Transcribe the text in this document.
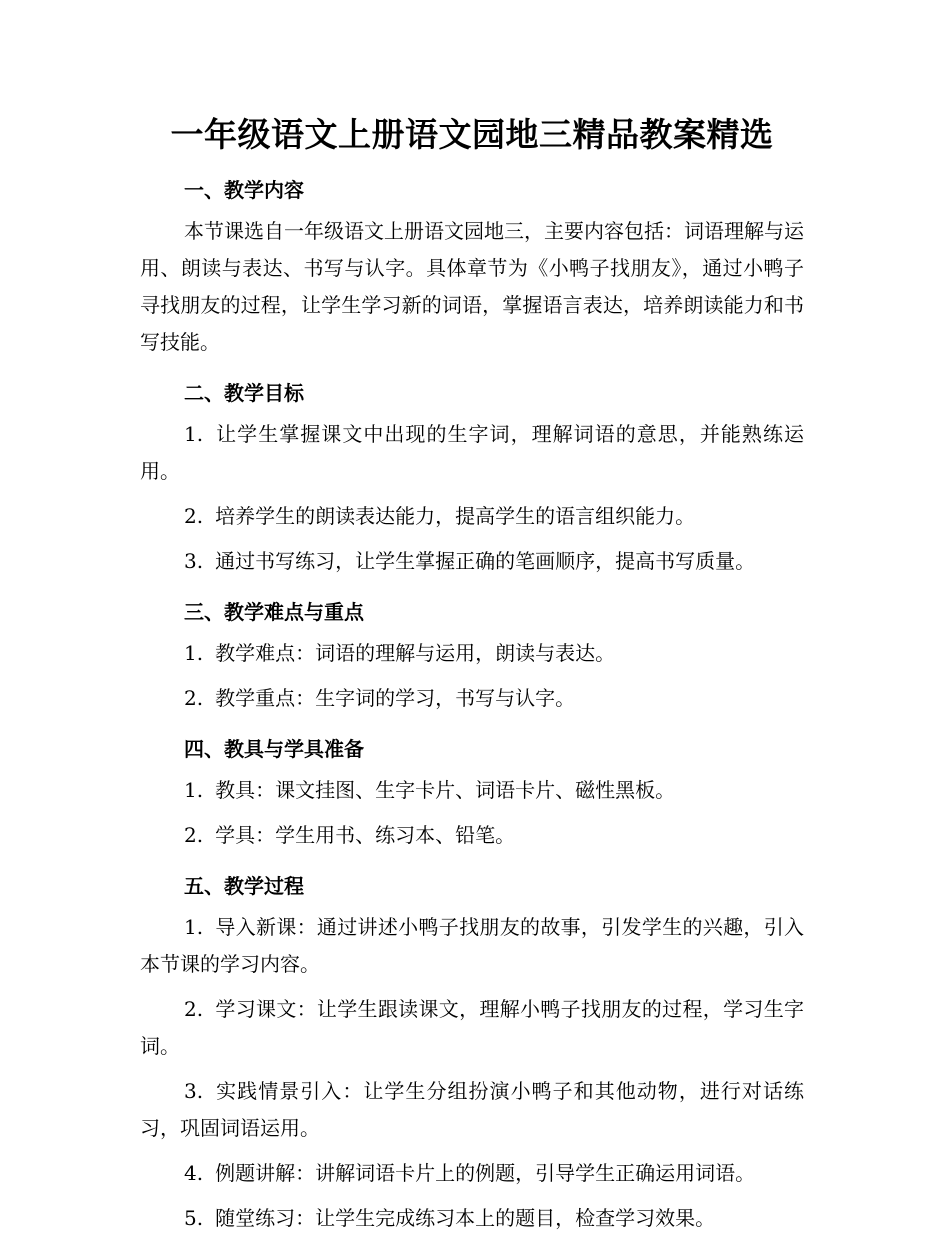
一年级语文上册语文园地三精品教案精选
一、教学内容

本节课选自一年级语文上册语文园地三，主要内容包括：词语理解与运用、朗读与表达、书写与认字。具体章节为《小鸭子找朋友》，通过小鸭子寻找朋友的过程，让学生学习新的词语，掌握语言表达，培养朗读能力和书写技能。

二、教学目标

1. 让学生掌握课文中出现的生字词，理解词语的意思，并能熟练运用。

2. 培养学生的朗读表达能力，提高学生的语言组织能力。

3. 通过书写练习，让学生掌握正确的笔画顺序，提高书写质量。

三、教学难点与重点

1. 教学难点：词语的理解与运用，朗读与表达。

2. 教学重点：生字词的学习，书写与认字。

四、教具与学具准备

1. 教具：课文挂图、生字卡片、词语卡片、磁性黑板。

2. 学具：学生用书、练习本、铅笔。

五、教学过程

1. 导入新课：通过讲述小鸭子找朋友的故事，引发学生的兴趣，引入本节课的学习内容。

2. 学习课文：让学生跟读课文，理解小鸭子找朋友的过程，学习生字词。

3. 实践情景引入：让学生分组扮演小鸭子和其他动物，进行对话练习，巩固词语运用。

4. 例题讲解：讲解词语卡片上的例题，引导学生正确运用词语。

5. 随堂练习：让学生完成练习本上的题目，检查学习效果。
